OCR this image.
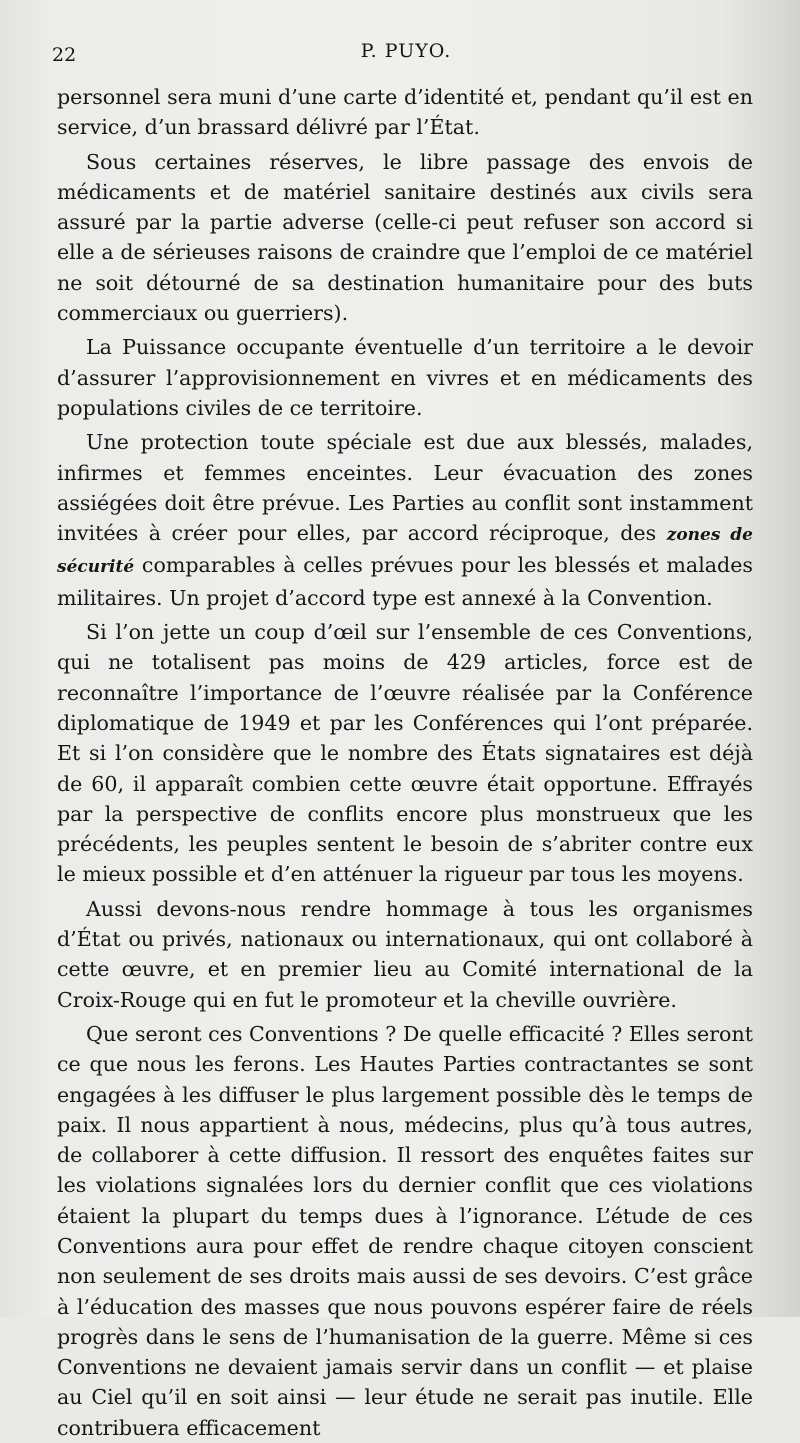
22	P. PUYO.

personnel sera muni d’une carte d’identité et, pendant qu’il est en service, d’un brassard délivré par l’État.

Sous certaines réserves, le libre passage des envois de médicaments et de matériel sanitaire destinés aux civils sera assuré par la partie adverse (celle-ci peut refuser son accord si elle a de sérieuses raisons de craindre que l’emploi de ce matériel ne soit détourné de sa destination humanitaire pour des buts commerciaux ou guerriers).

La Puissance occupante éventuelle d’un territoire a le devoir d’assurer l’approvisionnement en vivres et en médicaments des populations civiles de ce territoire.

Une protection toute spéciale est due aux blessés, malades, infirmes et femmes enceintes. Leur évacuation des zones assiégées doit être prévue. Les Parties au conflit sont instamment invitées à créer pour elles, par accord réciproque, des zones de sécurité comparables à celles prévues pour les blessés et malades militaires. Un projet d’accord type est annexé à la Convention.

Si l’on jette un coup d’œil sur l’ensemble de ces Conventions, qui ne totalisent pas moins de 429 articles, force est de reconnaître l’importance de l’œuvre réalisée par la Conférence diplomatique de 1949 et par les Conférences qui l’ont préparée. Et si l’on considère que le nombre des États signataires est déjà de 60, il apparaît combien cette œuvre était opportune. Effrayés par la perspective de conflits encore plus monstrueux que les précédents, les peuples sentent le besoin de s’abriter contre eux le mieux possible et d’en atténuer la rigueur par tous les moyens.

Aussi devons-nous rendre hommage à tous les organismes d’État ou privés, nationaux ou internationaux, qui ont collaboré à cette œuvre, et en premier lieu au Comité international de la Croix-Rouge qui en fut le promoteur et la cheville ouvrière.

Que seront ces Conventions ? De quelle efficacité ? Elles seront ce que nous les ferons. Les Hautes Parties contractantes se sont engagées à les diffuser le plus largement possible dès le temps de paix. Il nous appartient à nous, médecins, plus qu’à tous autres, de collaborer à cette diffusion. Il ressort des enquêtes faites sur les violations signalées lors du dernier conflit que ces violations étaient la plupart du temps dues à l’ignorance. L’étude de ces Conventions aura pour effet de rendre chaque citoyen conscient non seulement de ses droits mais aussi de ses devoirs. C’est grâce à l’éducation des masses que nous pouvons espérer faire de réels progrès dans le sens de l’humanisation de la guerre. Même si ces Conventions ne devaient jamais servir dans un conflit — et plaise au Ciel qu’il en soit ainsi — leur étude ne serait pas inutile. Elle contribuera efficacement
